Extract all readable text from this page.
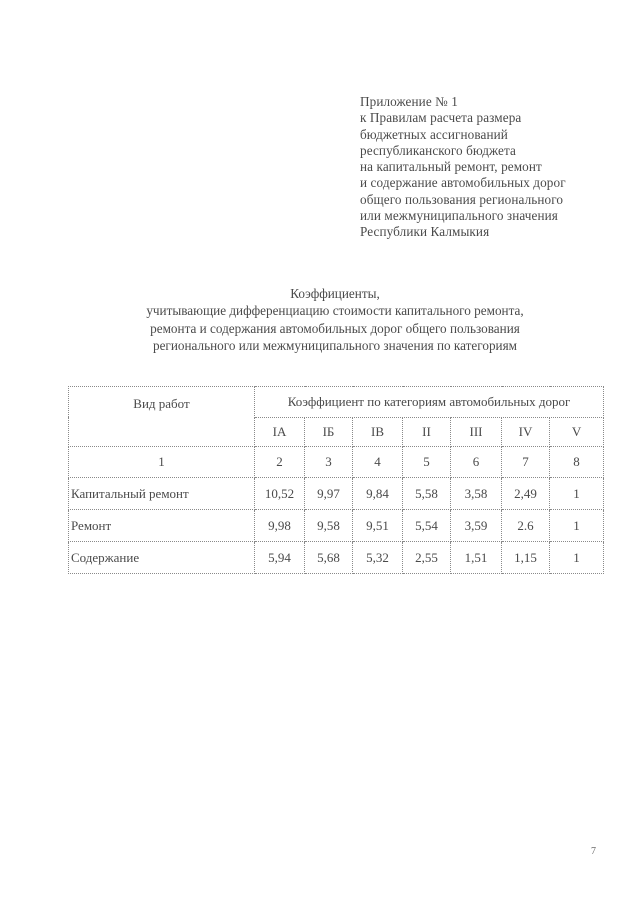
Приложение № 1
к Правилам расчета размера
бюджетных ассигнований
республиканского бюджета
на капитальный ремонт, ремонт
и содержание автомобильных дорог
общего пользования регионального
или межмуниципального значения
Республики Калмыкия
Коэффициенты,
учитывающие дифференциацию стоимости капитального ремонта,
ремонта и содержания автомобильных дорог общего пользования
регионального или межмуниципального значения по категориям
Вид работ	Коэффициент по категориям автомобильных дорог						
	IА	IБ	IВ	II	III	IV	V
1	2	3	4	5	6	7	8
Капитальный ремонт	10,52	9,97	9,84	5,58	3,58	2,49	1
Ремонт	9,98	9,58	9,51	5,54	3,59	2.6	1
Содержание	5,94	5,68	5,32	2,55	1,51	1,15	1
7
